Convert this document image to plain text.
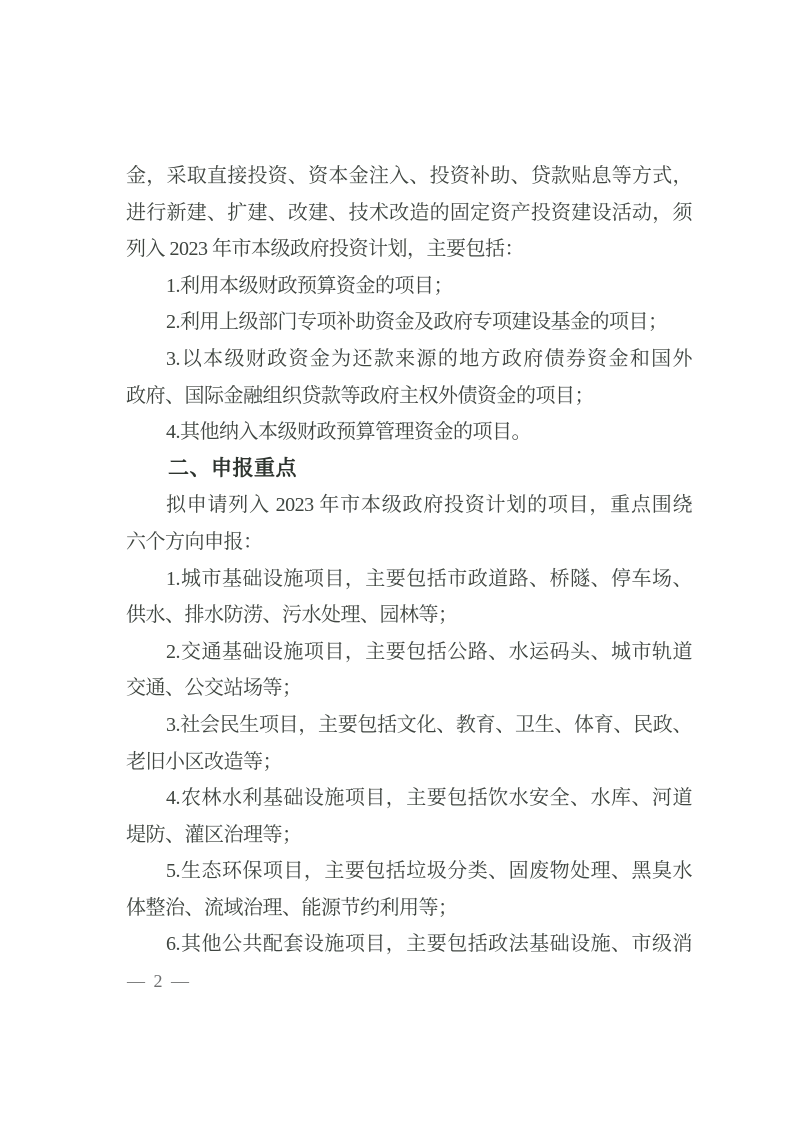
金，采取直接投资、资本金注入、投资补助、贷款贴息等方式，
进行新建、扩建、改建、技术改造的固定资产投资建设活动，须
列入 2023 年市本级政府投资计划，主要包括：
1.利用本级财政预算资金的项目；
2.利用上级部门专项补助资金及政府专项建设基金的项目；
3.以本级财政资金为还款来源的地方政府债券资金和国外
政府、国际金融组织贷款等政府主权外债资金的项目；
4.其他纳入本级财政预算管理资金的项目。
二、申报重点
拟申请列入 2023 年市本级政府投资计划的项目，重点围绕
六个方向申报：
1.城市基础设施项目，主要包括市政道路、桥隧、停车场、
供水、排水防涝、污水处理、园林等；
2.交通基础设施项目，主要包括公路、水运码头、城市轨道
交通、公交站场等；
3.社会民生项目，主要包括文化、教育、卫生、体育、民政、
老旧小区改造等；
4.农林水利基础设施项目，主要包括饮水安全、水库、河道
堤防、灌区治理等；
5.生态环保项目，主要包括垃圾分类、固废物处理、黑臭水
体整治、流域治理、能源节约利用等；
6.其他公共配套设施项目，主要包括政法基础设施、市级消
— 2 —
